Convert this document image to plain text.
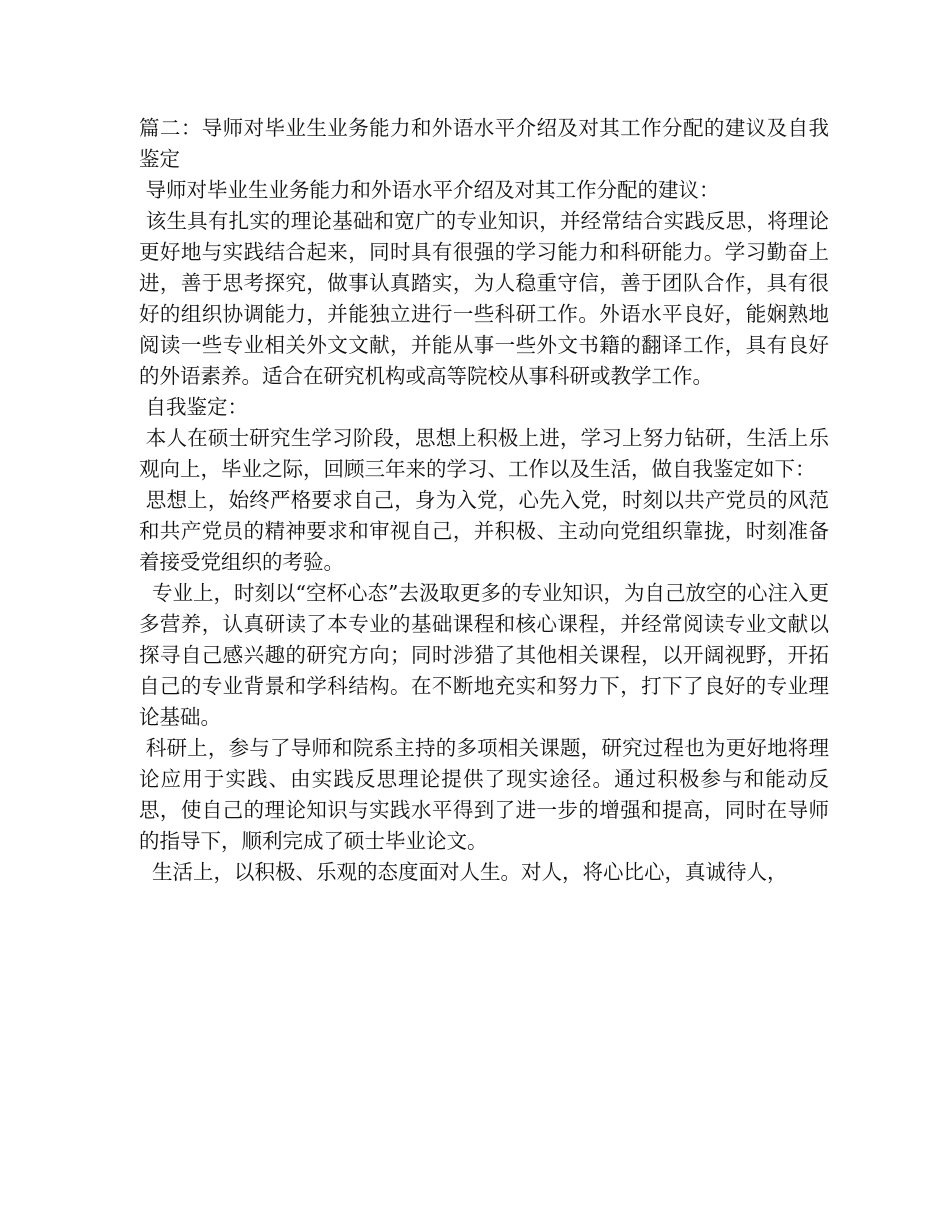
篇二：导师对毕业生业务能力和外语水平介绍及对其工作分配的建议及自我鉴定

导师对毕业生业务能力和外语水平介绍及对其工作分配的建议：

该生具有扎实的理论基础和宽广的专业知识，并经常结合实践反思，将理论更好地与实践结合起来，同时具有很强的学习能力和科研能力。学习勤奋上进，善于思考探究，做事认真踏实，为人稳重守信，善于团队合作，具有很好的组织协调能力，并能独立进行一些科研工作。外语水平良好，能娴熟地阅读一些专业相关外文文献，并能从事一些外文书籍的翻译工作，具有良好的外语素养。适合在研究机构或高等院校从事科研或教学工作。

自我鉴定：

本人在硕士研究生学习阶段，思想上积极上进，学习上努力钻研，生活上乐观向上，毕业之际，回顾三年来的学习、工作以及生活，做自我鉴定如下：

思想上，始终严格要求自己，身为入党，心先入党，时刻以共产党员的风范和共产党员的精神要求和审视自己，并积极、主动向党组织靠拢，时刻准备着接受党组织的考验。

专业上，时刻以“空杯心态”去汲取更多的专业知识，为自己放空的心注入更多营养，认真研读了本专业的基础课程和核心课程，并经常阅读专业文献以探寻自己感兴趣的研究方向；同时涉猎了其他相关课程，以开阔视野，开拓自己的专业背景和学科结构。在不断地充实和努力下，打下了良好的专业理论基础。

科研上，参与了导师和院系主持的多项相关课题，研究过程也为更好地将理论应用于实践、由实践反思理论提供了现实途径。通过积极参与和能动反思，使自己的理论知识与实践水平得到了进一步的增强和提高，同时在导师的指导下，顺利完成了硕士毕业论文。

生活上，以积极、乐观的态度面对人生。对人，将心比心，真诚待人，
